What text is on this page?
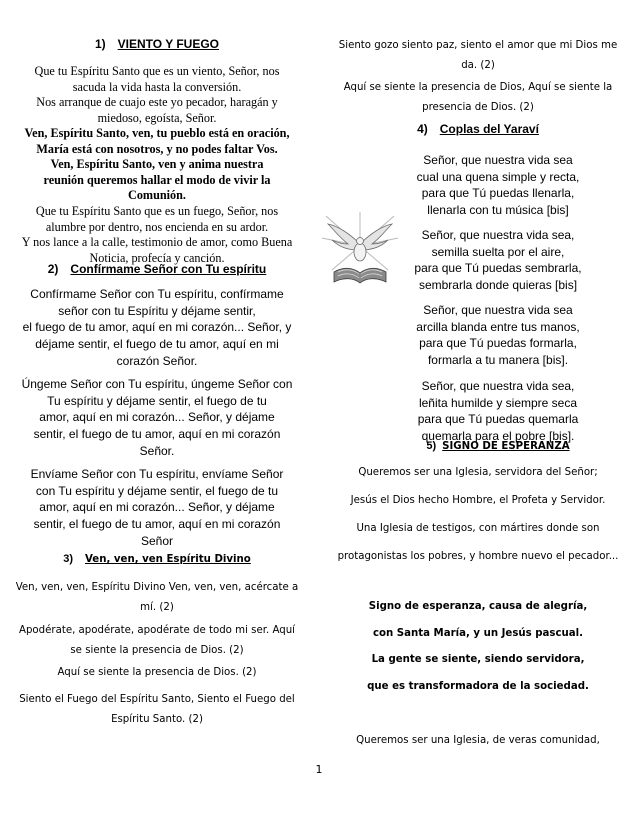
1) VIENTO Y FUEGO

Que tu Espíritu Santo que es un viento, Señor, nos

sacuda la vida hasta la conversión.

Nos arranque de cuajo este yo pecador, haragán y

miedoso, egoísta, Señor.

Ven, Espíritu Santo, ven, tu pueblo está en oración,

María está con nosotros, y no podes faltar Vos.

Ven, Espíritu Santo, ven y anima nuestra

reunión queremos hallar el modo de vivir la

Comunión.

Que tu Espíritu Santo que es un fuego, Señor, nos

alumbre por dentro, nos encienda en su ardor.

Y nos lance a la calle, testimonio de amor, como Buena

Noticia, profecía y canción.

2) Confírmame Señor con Tu espíritu

Confírmame Señor con Tu espíritu, confírmame

señor con tu Espíritu y déjame sentir,

el fuego de tu amor, aquí en mi corazón... Señor, y

déjame sentir, el fuego de tu amor, aquí en mi

corazón Señor.

Úngeme Señor con Tu espíritu, úngeme Señor con

Tu espíritu y déjame sentir, el fuego de tu

amor, aquí en mi corazón... Señor, y déjame

sentir, el fuego de tu amor, aquí en mi corazón

Señor.

Envíame Señor con Tu espíritu, envíame Señor

con Tu espíritu y déjame sentir, el fuego de tu

amor, aquí en mi corazón... Señor, y déjame

sentir, el fuego de tu amor, aquí en mi corazón

Señor

3) Ven, ven, ven Espíritu Divino

Ven, ven, ven, Espíritu Divino Ven, ven, ven, acércate a

mí. (2)

Apodérate, apodérate, apodérate de todo mi ser. Aquí

se siente la presencia de Dios. (2)

Aquí se siente la presencia de Dios. (2)

Siento el Fuego del Espíritu Santo, Siento el Fuego del

Espíritu Santo. (2)

Siento gozo siento paz, siento el amor que mi Dios me

da. (2)

Aquí se siente la presencia de Dios, Aquí se siente la

presencia de Dios. (2)

4) Coplas del Yaraví

Señor, que nuestra vida sea

cual una quena simple y recta,

para que Tú puedas llenarla,

llenarla con tu música [bis]

Señor, que nuestra vida sea,

semilla suelta por el aire,

para que Tú puedas sembrarla,

sembrarla donde quieras [bis]

Señor, que nuestra vida sea

arcilla blanda entre tus manos,

para que Tú puedas formarla,

formarla a tu manera [bis].

Señor, que nuestra vida sea,

leñita humilde y siempre seca

para que Tú puedas quemarla

quemarla para el pobre [bis].

5) SIGNO DE ESPERANZA

Queremos ser una Iglesia, servidora del Señor;

Jesús el Dios hecho Hombre, el Profeta y Servidor.

Una Iglesia de testigos, con mártires donde son

protagonistas los pobres, y hombre nuevo el pecador...

Signo de esperanza, causa de alegría,

con Santa María, y un Jesús pascual.

La gente se siente, siendo servidora,

que es transformadora de la sociedad.

Queremos ser una Iglesia, de veras comunidad,

1
